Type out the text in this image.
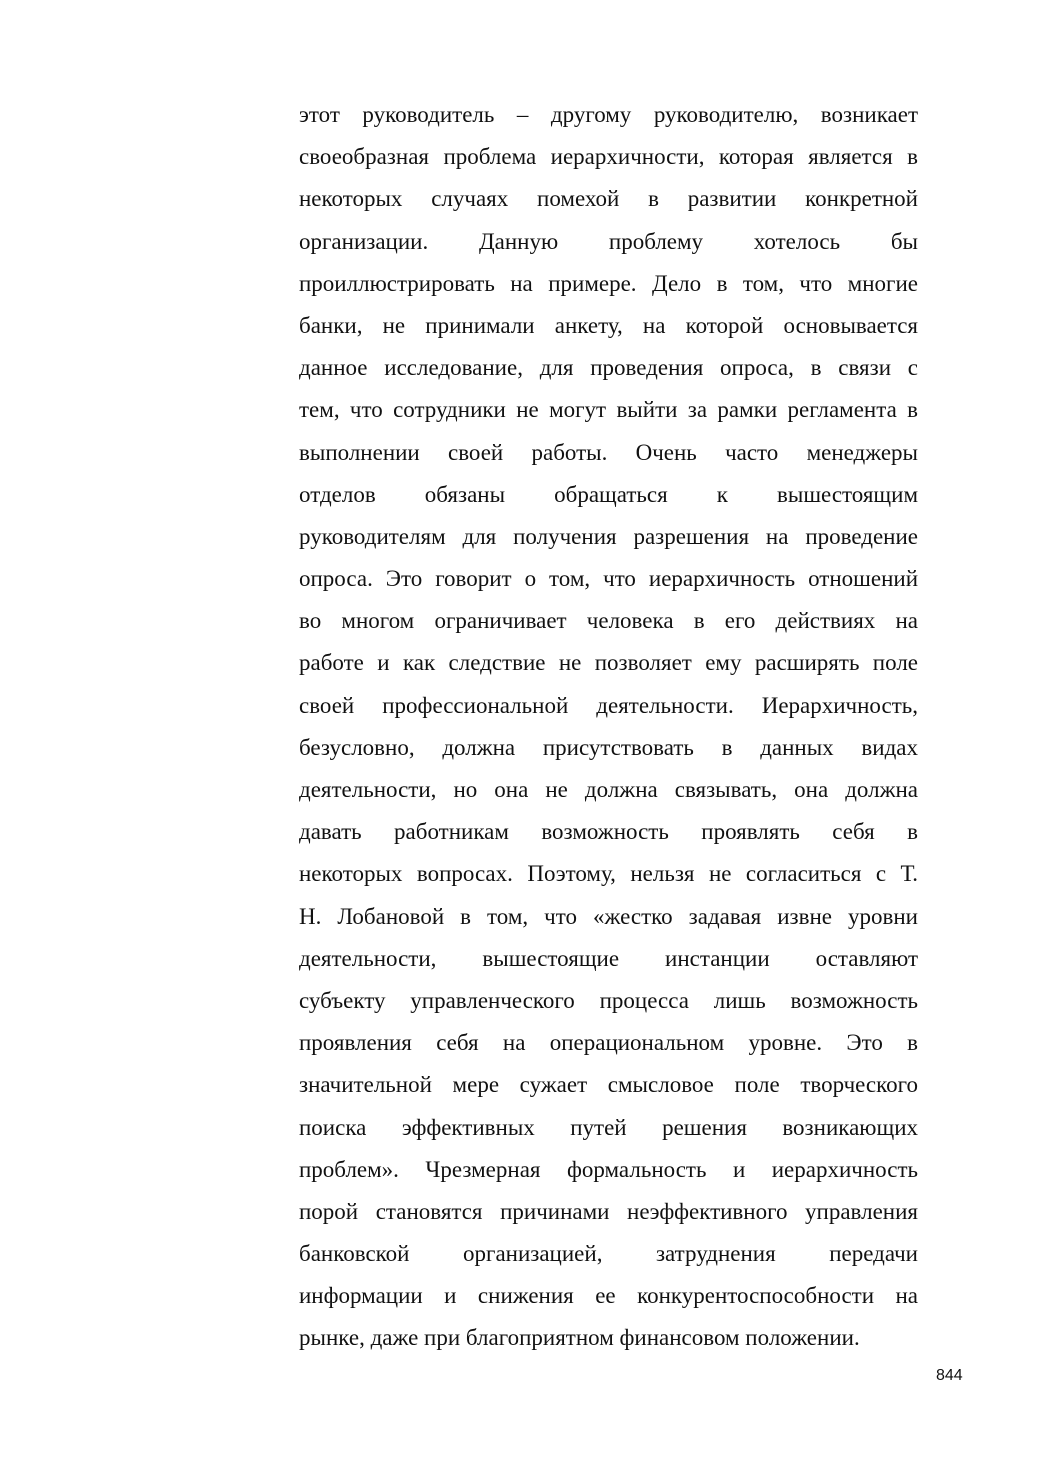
этот руководитель – другому руководителю, возникает
своеобразная проблема иерархичности, которая является в
некоторых случаях помехой в развитии конкретной
организации. Данную проблему хотелось бы
проиллюстрировать на примере. Дело в том, что многие
банки, не принимали анкету, на которой основывается
данное исследование, для проведения опроса, в связи с
тем, что сотрудники не могут выйти за рамки регламента в
выполнении своей работы. Очень часто менеджеры
отделов обязаны обращаться к вышестоящим
руководителям для получения разрешения на проведение
опроса. Это говорит о том, что иерархичность отношений
во многом ограничивает человека в его действиях на
работе и как следствие не позволяет ему расширять поле
своей профессиональной деятельности. Иерархичность,
безусловно, должна присутствовать в данных видах
деятельности, но она не должна связывать, она должна
давать работникам возможность проявлять себя в
некоторых вопросах. Поэтому, нельзя не согласиться с Т.
Н. Лобановой в том, что «жестко задавая извне уровни
деятельности, вышестоящие инстанции оставляют
субъекту управленческого процесса лишь возможность
проявления себя на операциональном уровне. Это в
значительной мере сужает смысловое поле творческого
поиска эффективных путей решения возникающих
проблем». Чрезмерная формальность и иерархичность
порой становятся причинами неэффективного управления
банковской организацией, затруднения передачи
информации и снижения ее конкурентоспособности на
рынке, даже при благоприятном финансовом положении.
844
